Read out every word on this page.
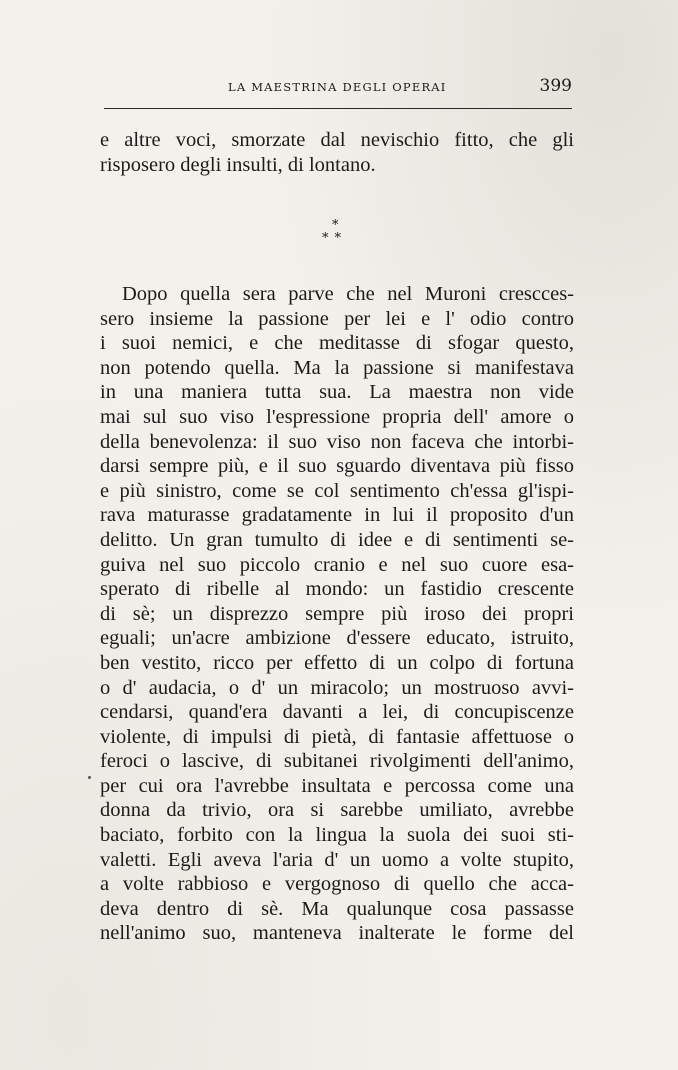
LA MAESTRINA DEGLI OPERAI	399
e altre voci, smorzate dal nevischio fitto, che gli
risposero degli insulti, di lontano.
*
**
Dopo quella sera parve che nel Muroni crescces-
sero insieme la passione per lei e l' odio contro
i suoi nemici, e che meditasse di sfogar questo,
non potendo quella. Ma la passione si manifestava
in una maniera tutta sua. La maestra non vide
mai sul suo viso l'espressione propria dell' amore o
della benevolenza: il suo viso non faceva che intorbi-
darsi sempre più, e il suo sguardo diventava più fisso
e più sinistro, come se col sentimento ch'essa gl'ispi-
rava maturasse gradatamente in lui il proposito d'un
delitto. Un gran tumulto di idee e di sentimenti se-
guiva nel suo piccolo cranio e nel suo cuore esa-
sperato di ribelle al mondo: un fastidio crescente
di sè; un disprezzo sempre più iroso dei propri
eguali; un'acre ambizione d'essere educato, istruito,
ben vestito, ricco per effetto di un colpo di fortuna
o d' audacia, o d' un miracolo; un mostruoso avvi-
cendarsi, quand'era davanti a lei, di concupiscenze
violente, di impulsi di pietà, di fantasie affettuose o
feroci o lascive, di subitanei rivolgimenti dell'animo,
per cui ora l'avrebbe insultata e percossa come una
donna da trivio, ora si sarebbe umiliato, avrebbe
baciato, forbito con la lingua la suola dei suoi sti-
valetti. Egli aveva l'aria d' un uomo a volte stupito,
a volte rabbioso e vergognoso di quello che acca-
deva dentro di sè. Ma qualunque cosa passasse
nell'animo suo, manteneva inalterate le forme del
